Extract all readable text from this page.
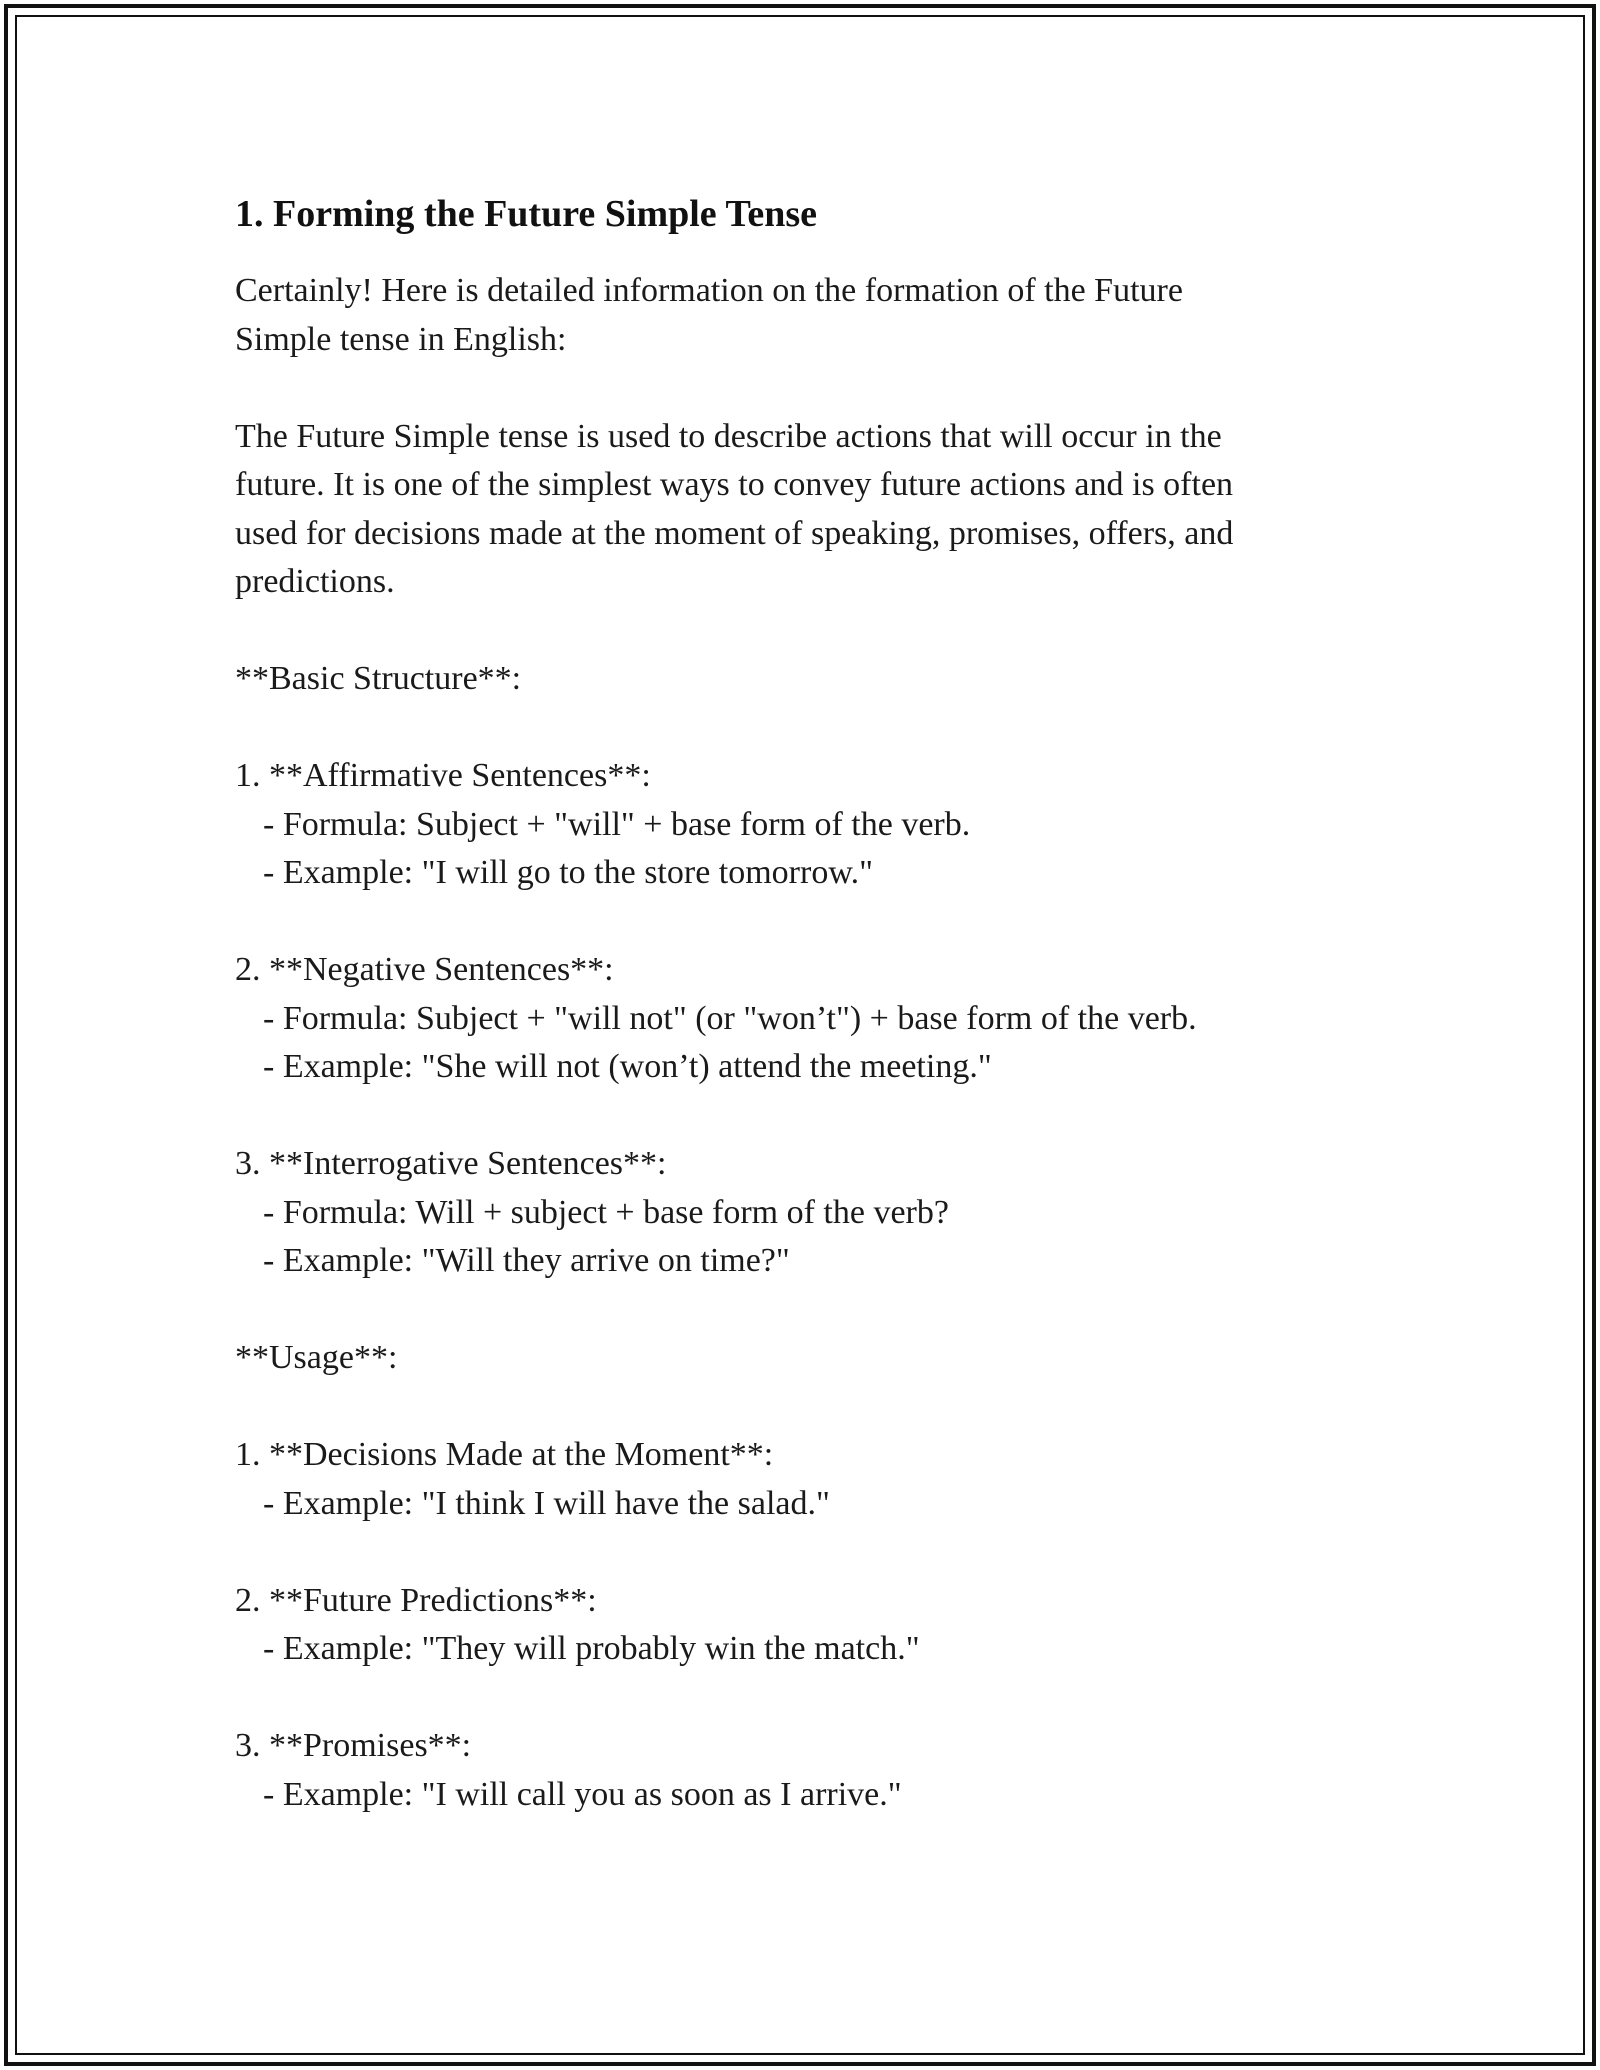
1. Forming the Future Simple Tense
Certainly! Here is detailed information on the formation of the Future
Simple tense in English:
The Future Simple tense is used to describe actions that will occur in the
future. It is one of the simplest ways to convey future actions and is often
used for decisions made at the moment of speaking, promises, offers, and
predictions.
**Basic Structure**:
1. **Affirmative Sentences**:
- Formula: Subject + "will" + base form of the verb.
- Example: "I will go to the store tomorrow."
2. **Negative Sentences**:
- Formula: Subject + "will not" (or "won’t") + base form of the verb.
- Example: "She will not (won’t) attend the meeting."
3. **Interrogative Sentences**:
- Formula: Will + subject + base form of the verb?
- Example: "Will they arrive on time?"
**Usage**:
1. **Decisions Made at the Moment**:
- Example: "I think I will have the salad."
2. **Future Predictions**:
- Example: "They will probably win the match."
3. **Promises**:
- Example: "I will call you as soon as I arrive."
